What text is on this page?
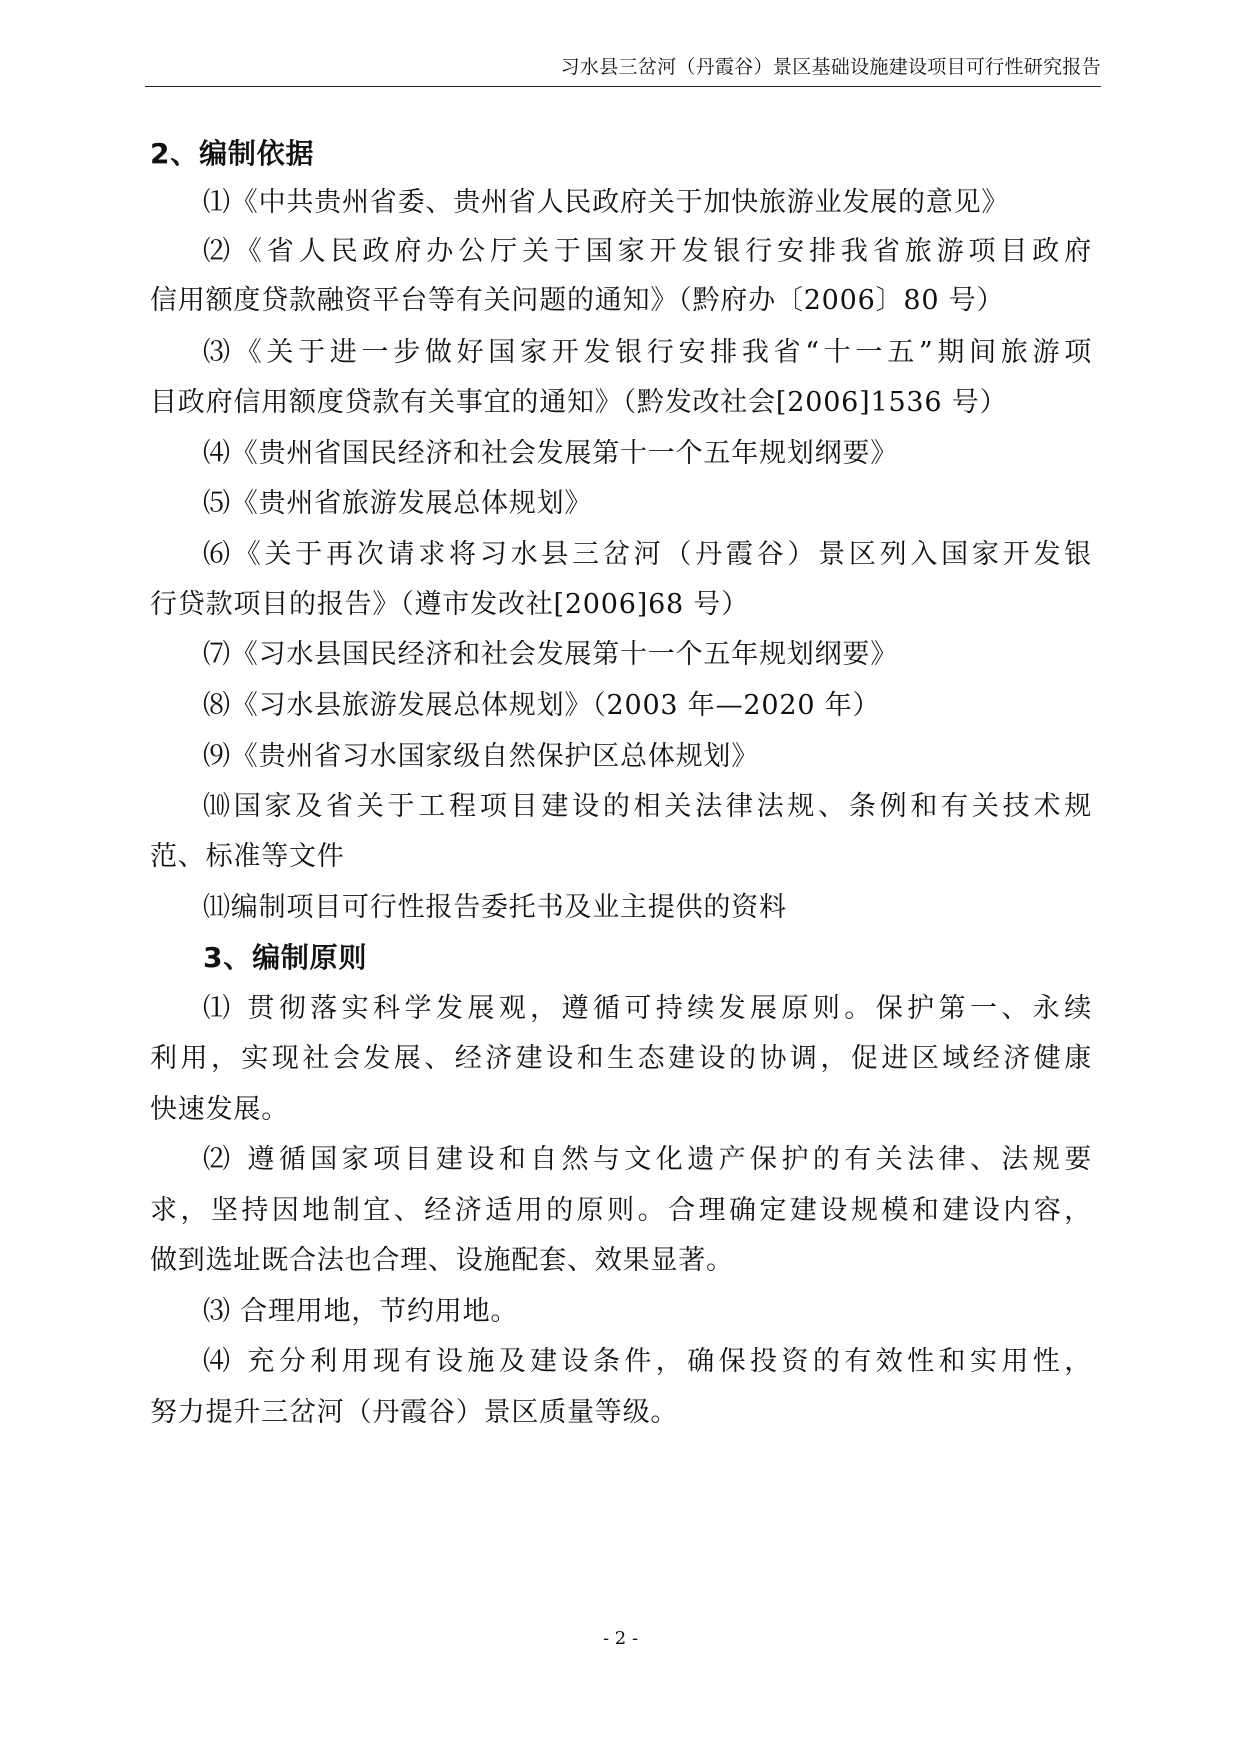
习水县三岔河（丹霞谷）景区基础设施建设项目可行性研究报告
2、编制依据
⑴《中共贵州省委、贵州省人民政府关于加快旅游业发展的意见》
⑵《省人民政府办公厅关于国家开发银行安排我省旅游项目政府
信用额度贷款融资平台等有关问题的通知》（黔府办〔2006〕80 号）
⑶《关于进一步做好国家开发银行安排我省“十一五”期间旅游项
目政府信用额度贷款有关事宜的通知》（黔发改社会[2006]1536 号）
⑷《贵州省国民经济和社会发展第十一个五年规划纲要》
⑸《贵州省旅游发展总体规划》
⑹《关于再次请求将习水县三岔河（丹霞谷）景区列入国家开发银
行贷款项目的报告》（遵市发改社[2006]68 号）
⑺《习水县国民经济和社会发展第十一个五年规划纲要》
⑻《习水县旅游发展总体规划》（2003 年—2020 年）
⑼《贵州省习水国家级自然保护区总体规划》
⑽国家及省关于工程项目建设的相关法律法规、条例和有关技术规
范、标准等文件
⑾编制项目可行性报告委托书及业主提供的资料
3、编制原则
⑴ 贯彻落实科学发展观，遵循可持续发展原则。保护第一、永续
利用，实现社会发展、经济建设和生态建设的协调，促进区域经济健康
快速发展。
⑵ 遵循国家项目建设和自然与文化遗产保护的有关法律、法规要
求，坚持因地制宜、经济适用的原则。合理确定建设规模和建设内容，
做到选址既合法也合理、设施配套、效果显著。
⑶ 合理用地，节约用地。
⑷ 充分利用现有设施及建设条件，确保投资的有效性和实用性，
努力提升三岔河（丹霞谷）景区质量等级。
- 2 -
